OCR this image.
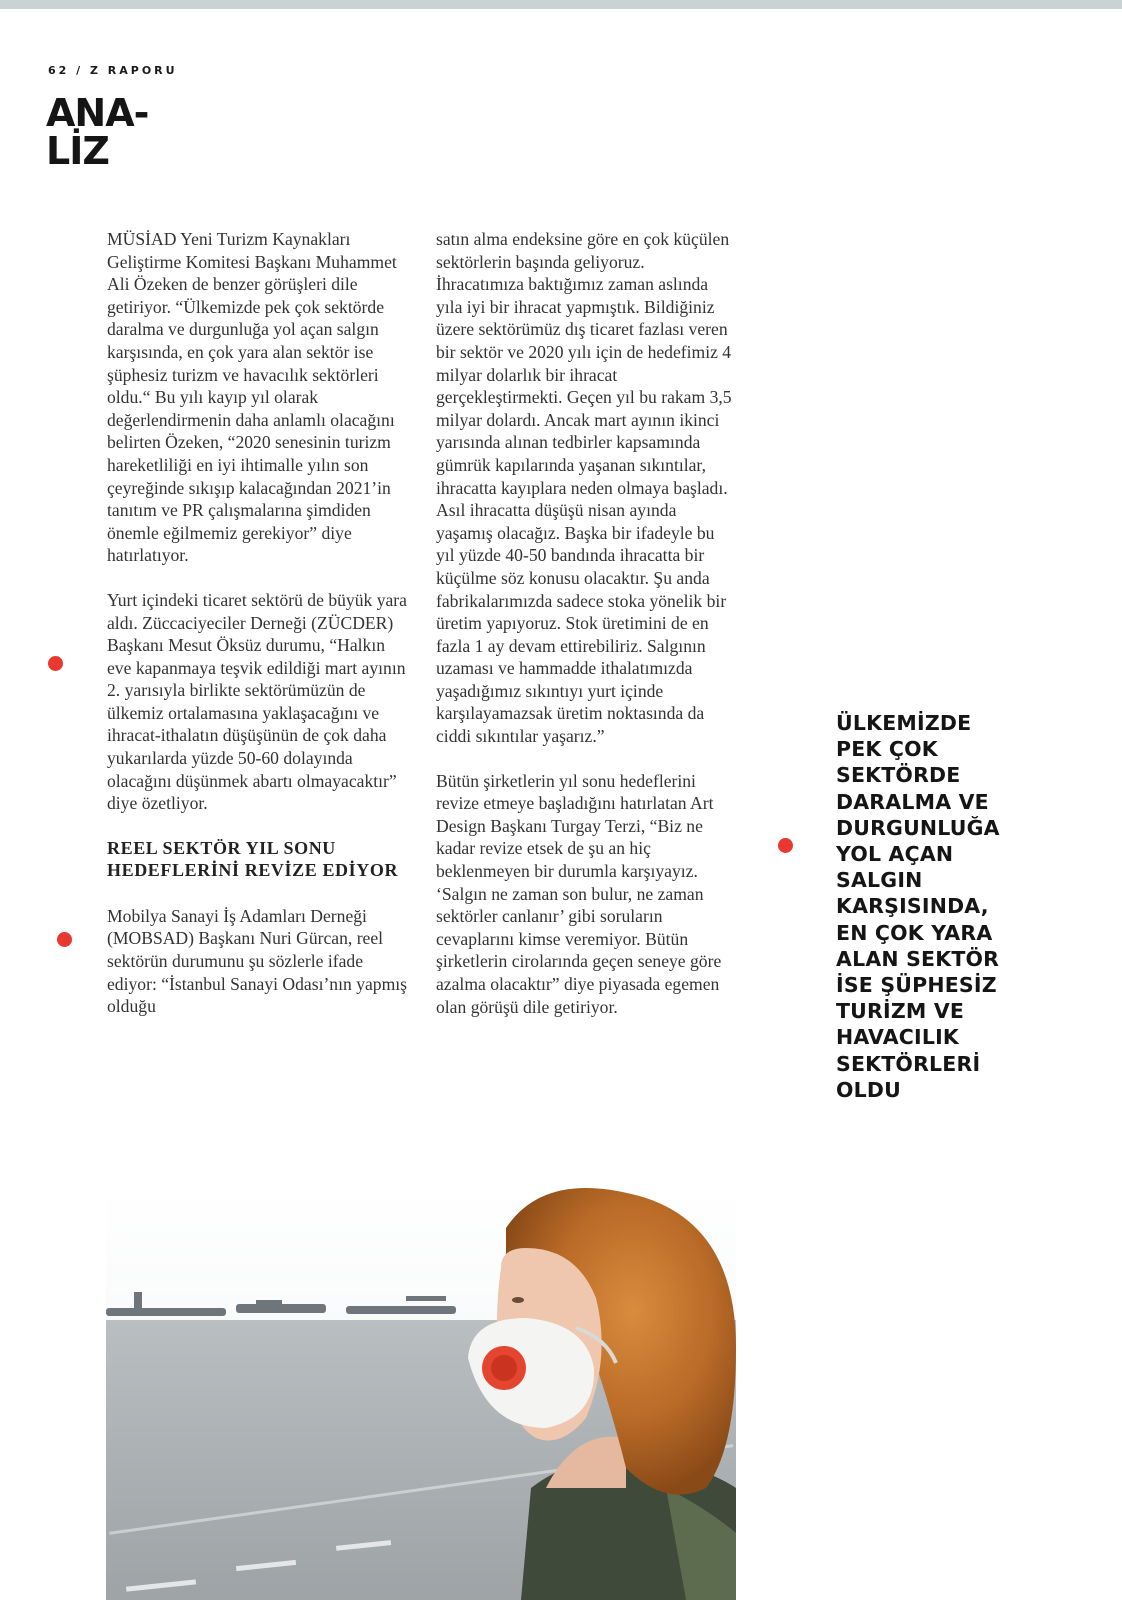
62 / Z RAPORU
ANA-
LİZ

MÜSİAD Yeni Turizm Kaynakları Geliştirme Komitesi Başkanı Muhammet Ali Özeken de benzer görüşleri dile getiriyor. “Ülkemizde pek çok sektörde daralma ve durgunluğa yol açan salgın karşısında, en çok yara alan sektör ise şüphesiz turizm ve havacılık sektörleri oldu.“ Bu yılı kayıp yıl olarak değerlendirmenin daha anlamlı olacağını belirten Özeken, “2020 senesinin turizm hareketliliği en iyi ihtimalle yılın son çeyreğinde sıkışıp kalacağından 2021’in tanıtım ve PR çalışmalarına şimdiden önemle eğilmemiz gerekiyor” diye hatırlatıyor.

Yurt içindeki ticaret sektörü de büyük yara aldı. Züccaciyeciler Derneği (ZÜCDER) Başkanı Mesut Öksüz durumu, “Halkın eve kapanmaya teşvik edildiği mart ayının 2. yarısıyla birlikte sektörümüzün de ülkemiz ortalamasına yaklaşacağını ve ihracat-ithalatın düşüşünün de çok daha yukarılarda yüzde 50-60 dolayında olacağını düşünmek abartı olmayacaktır” diye özetliyor.

REEL SEKTÖR YIL SONU HEDEFLERİNİ REVİZE EDİYOR

Mobilya Sanayi İş Adamları Derneği (MOBSAD) Başkanı Nuri Gürcan, reel sektörün durumunu şu sözlerle ifade ediyor: “İstanbul Sanayi Odası’nın yapmış olduğu

satın alma endeksine göre en çok küçülen sektörlerin başında geliyoruz. İhracatımıza baktığımız zaman aslında yıla iyi bir ihracat yapmıştık. Bildiğiniz üzere sektörümüz dış ticaret fazlası veren bir sektör ve 2020 yılı için de hedefimiz 4 milyar dolarlık bir ihracat gerçekleştirmekti. Geçen yıl bu rakam 3,5 milyar dolardı. Ancak mart ayının ikinci yarısında alınan tedbirler kapsamında gümrük kapılarında yaşanan sıkıntılar, ihracatta kayıplara neden olmaya başladı. Asıl ihracatta düşüşü nisan ayında yaşamış olacağız. Başka bir ifadeyle bu yıl yüzde 40-50 bandında ihracatta bir küçülme söz konusu olacaktır. Şu anda fabrikalarımızda sadece stoka yönelik bir üretim yapıyoruz. Stok üretimini de en fazla 1 ay devam ettirebiliriz. Salgının uzaması ve hammadde ithalatımızda yaşadığımız sıkıntıyı yurt içinde karşılayamazsak üretim noktasında da ciddi sıkıntılar yaşarız.”

Bütün şirketlerin yıl sonu hedeflerini revize etmeye başladığını hatırlatan Art Design Başkanı Turgay Terzi, “Biz ne kadar revize etsek de şu an hiç beklenmeyen bir durumla karşıyayız. ‘Salgın ne zaman son bulur, ne zaman sektörler canlanır’ gibi soruların cevaplarını kimse veremiyor. Bütün şirketlerin cirolarında geçen seneye göre azalma olacaktır” diye piyasada egemen olan görüşü dile getiriyor.

ÜLKEMİZDE
PEK ÇOK
SEKTÖRDE
DARALMA VE
DURGUNLUĞA
YOL AÇAN
SALGIN
KARŞISINDA,
EN ÇOK YARA
ALAN SEKTÖR
İSE ŞÜPHESİZ
TURİZM VE
HAVACILIK
SEKTÖRLERİ
OLDU
